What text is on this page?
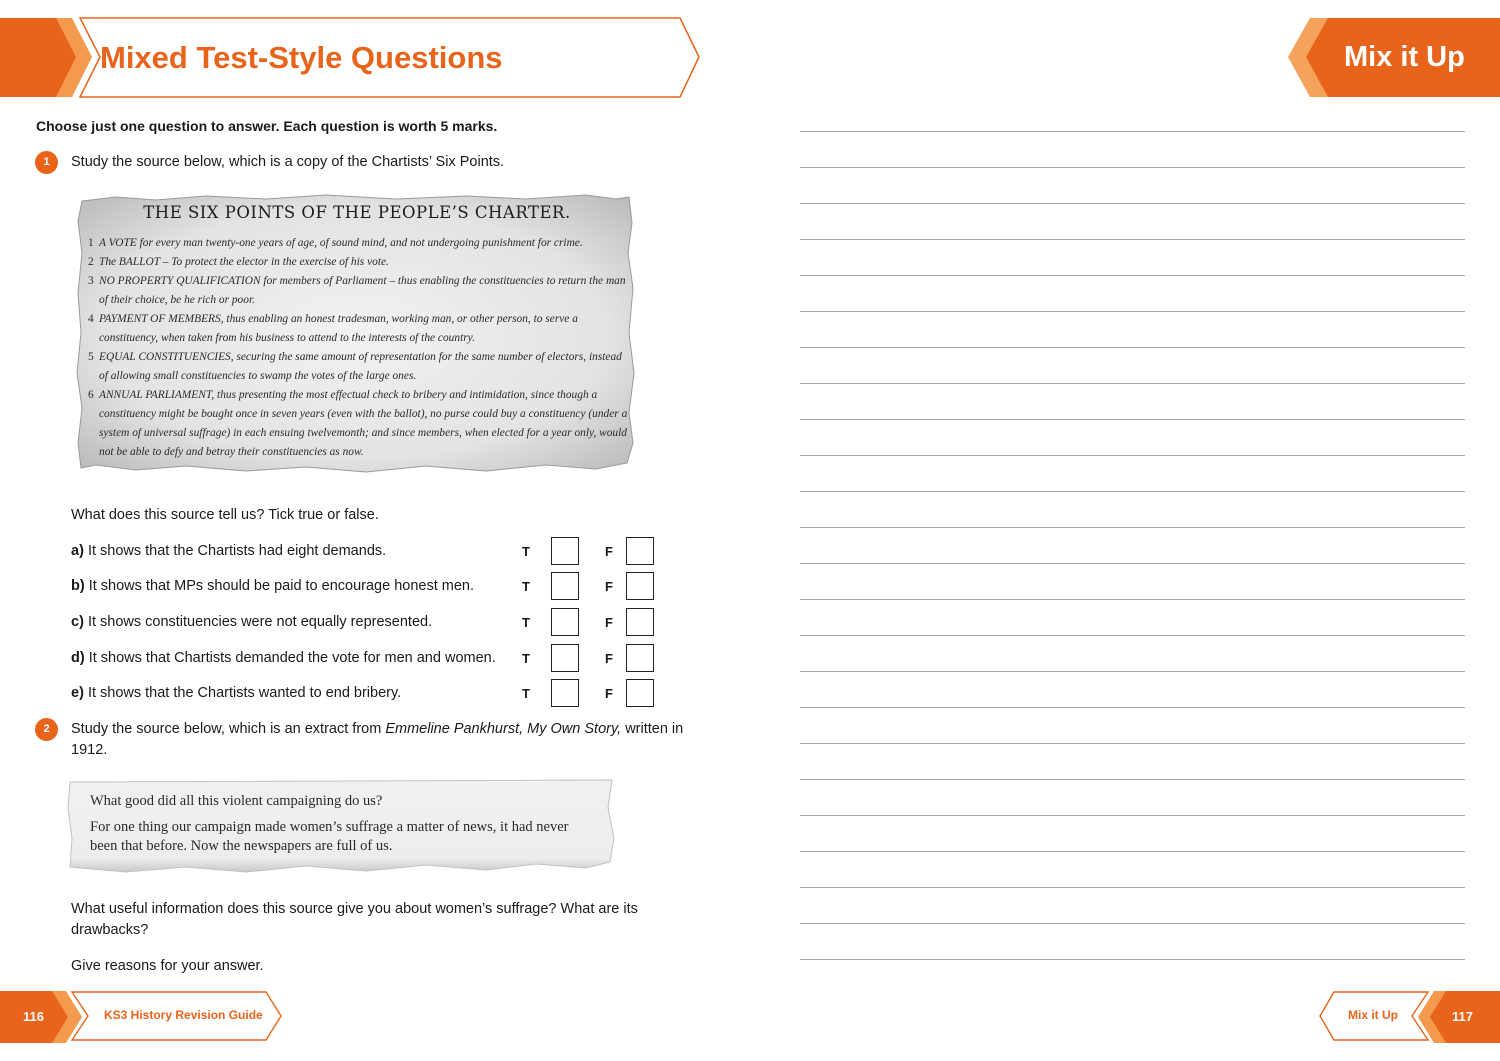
Mixed Test-Style Questions	Mix it Up
Choose just one question to answer. Each question is worth 5 marks.
1	Study the source below, which is a copy of the Chartists’ Six Points.
THE SIX POINTS OF THE PEOPLE’S CHARTER.
1 A VOTE for every man twenty-one years of age, of sound mind, and not undergoing punishment for crime.
2 The BALLOT – To protect the elector in the exercise of his vote.
3 NO PROPERTY QUALIFICATION for members of Parliament – thus enabling the constituencies to return the man of their choice, be he rich or poor.
4 PAYMENT OF MEMBERS, thus enabling an honest tradesman, working man, or other person, to serve a constituency, when taken from his business to attend to the interests of the country.
5 EQUAL CONSTITUENCIES, securing the same amount of representation for the same number of electors, instead of allowing small constituencies to swamp the votes of the large ones.
6 ANNUAL PARLIAMENT, thus presenting the most effectual check to bribery and intimidation, since though a constituency might be bought once in seven years (even with the ballot), no purse could buy a constituency (under a system of universal suffrage) in each ensuing twelvemonth; and since members, when elected for a year only, would not be able to defy and betray their constituencies as now.
What does this source tell us? Tick true or false.
a) It shows that the Chartists had eight demands.	T	F
b) It shows that MPs should be paid to encourage honest men.	T	F
c) It shows constituencies were not equally represented.	T	F
d) It shows that Chartists demanded the vote for men and women. T	F
e) It shows that the Chartists wanted to end bribery.	T	F
2	Study the source below, which is an extract from Emmeline Pankhurst, My Own Story, written in 1912.
What good did all this violent campaigning do us?
For one thing our campaign made women’s suffrage a matter of news, it had never been that before. Now the newspapers are full of us.
What useful information does this source give you about women’s suffrage? What are its drawbacks?
Give reasons for your answer.
116	KS3 History Revision Guide	Mix it Up	117
